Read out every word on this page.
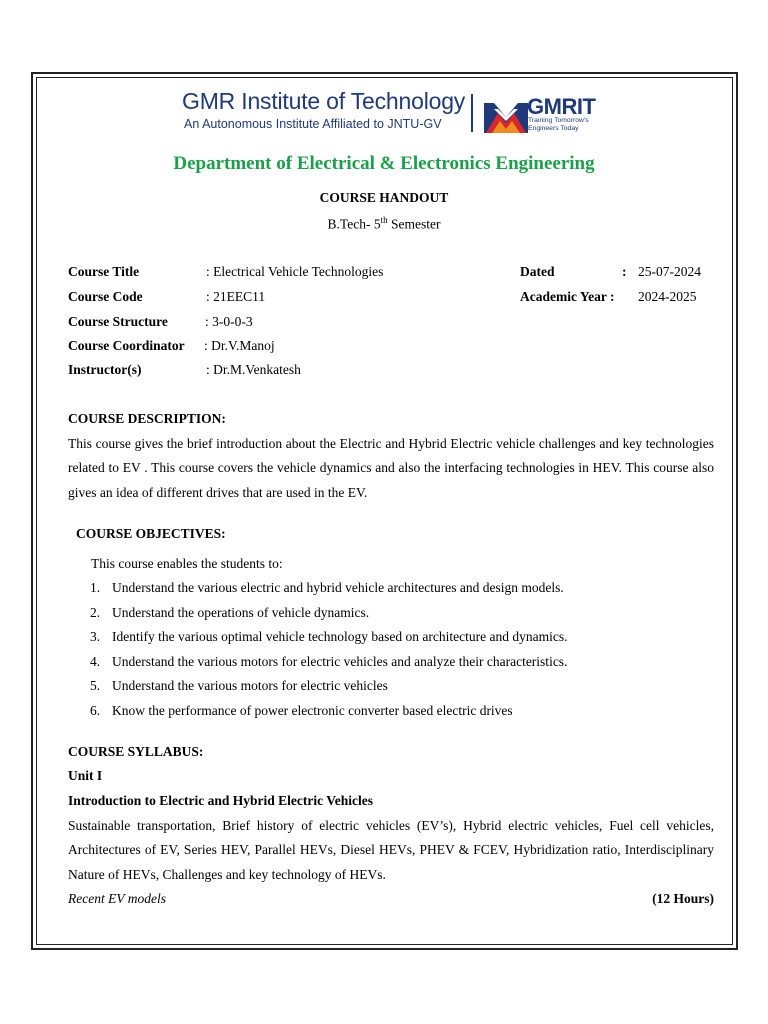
GMR Institute of Technology
An Autonomous Institute Affiliated to JNTU-GV
GMRIT
Training Tomorrow's
Engineers Today
Department of Electrical & Electronics Engineering
COURSE HANDOUT
B.Tech- 5th Semester
Course Title	: Electrical Vehicle Technologies	Dated	: 25-07-2024
Course Code	: 21EEC11	Academic Year : 2024-2025
Course Structure	: 3-0-0-3
Course Coordinator : Dr.V.Manoj
Instructor(s)	: Dr.M.Venkatesh
COURSE DESCRIPTION:
This course gives the brief introduction about the Electric and Hybrid Electric vehicle challenges and key technologies related to EV . This course covers the vehicle dynamics and also the interfacing technologies in HEV. This course also gives an idea of different drives that are used in the EV.
COURSE OBJECTIVES:
This course enables the students to:
1. Understand the various electric and hybrid vehicle architectures and design models.
2. Understand the operations of vehicle dynamics.
3. Identify the various optimal vehicle technology based on architecture and dynamics.
4. Understand the various motors for electric vehicles and analyze their characteristics.
5. Understand the various motors for electric vehicles
6. Know the performance of power electronic converter based electric drives
COURSE SYLLABUS:
Unit I
Introduction to Electric and Hybrid Electric Vehicles
Sustainable transportation, Brief history of electric vehicles (EV’s), Hybrid electric vehicles, Fuel cell vehicles, Architectures of EV, Series HEV, Parallel HEVs, Diesel HEVs, PHEV & FCEV, Hybridization ratio, Interdisciplinary Nature of HEVs, Challenges and key technology of HEVs.
Recent EV models	(12 Hours)
